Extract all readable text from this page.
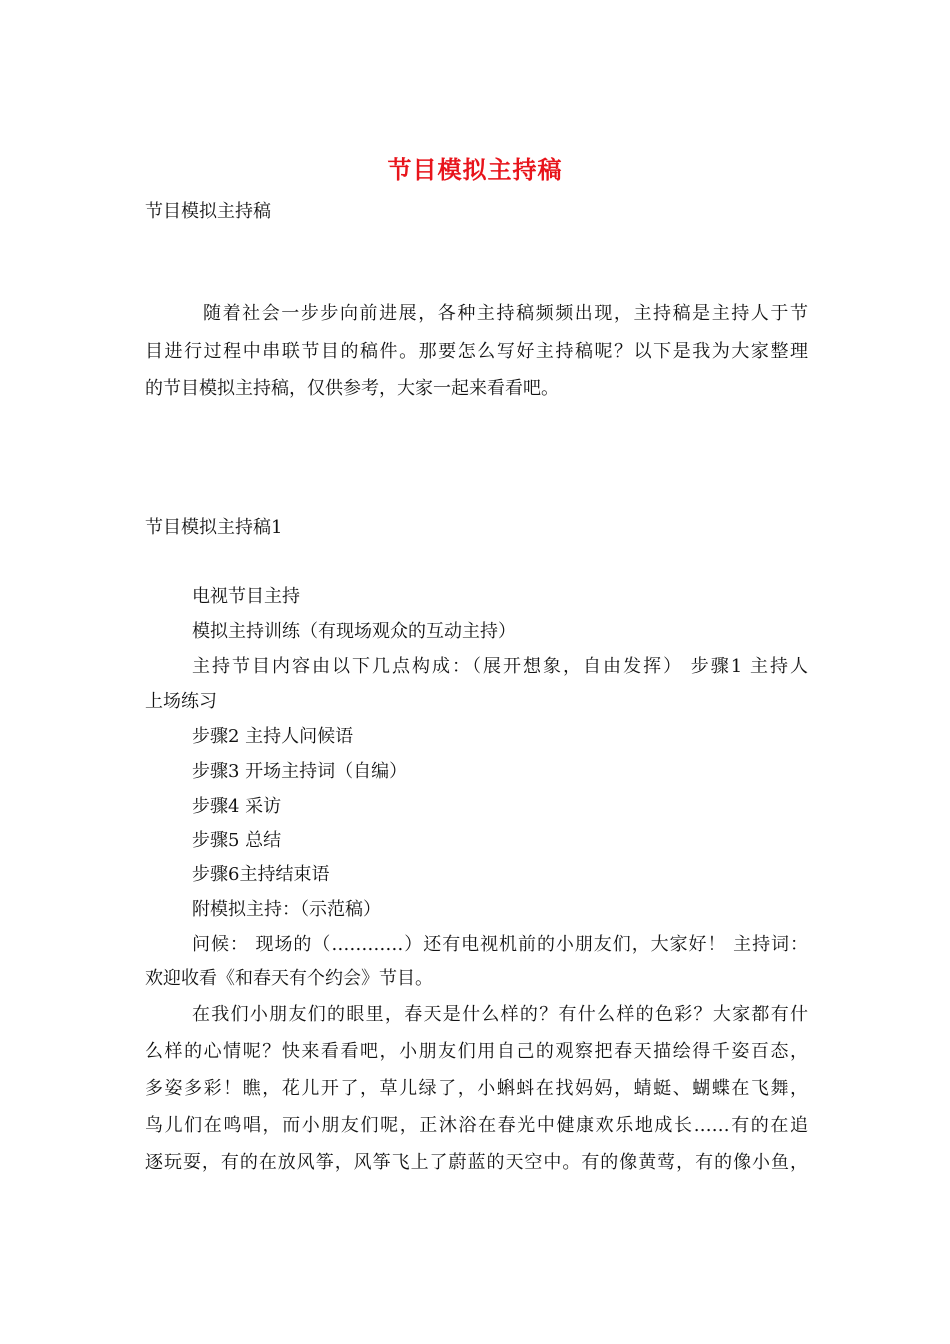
节目模拟主持稿
节目模拟主持稿
随着社会一步步向前进展，各种主持稿频频出现，主持稿是主持人于节
目进行过程中串联节目的稿件。那要怎么写好主持稿呢？以下是我为大家整理
的节目模拟主持稿，仅供参考，大家一起来看看吧。
节目模拟主持稿1
电视节目主持
模拟主持训练（有现场观众的互动主持）
主持节目内容由以下几点构成：（展开想象，自由发挥） 步骤1 主持人
上场练习
步骤2 主持人问候语
步骤3 开场主持词（自编）
步骤4 采访
步骤5 总结
步骤6主持结束语
附模拟主持：（示范稿）
问候： 现场的（…………）还有电视机前的小朋友们，大家好！ 主持词：
欢迎收看《和春天有个约会》节目。
在我们小朋友们的眼里，春天是什么样的？有什么样的色彩？大家都有什
么样的心情呢？快来看看吧，小朋友们用自己的观察把春天描绘得千姿百态，
多姿多彩！瞧，花儿开了，草儿绿了，小蝌蚪在找妈妈，蜻蜓、蝴蝶在飞舞，
鸟儿们在鸣唱，而小朋友们呢，正沐浴在春光中健康欢乐地成长……有的在追
逐玩耍，有的在放风筝，风筝飞上了蔚蓝的天空中。有的像黄莺，有的像小鱼，
